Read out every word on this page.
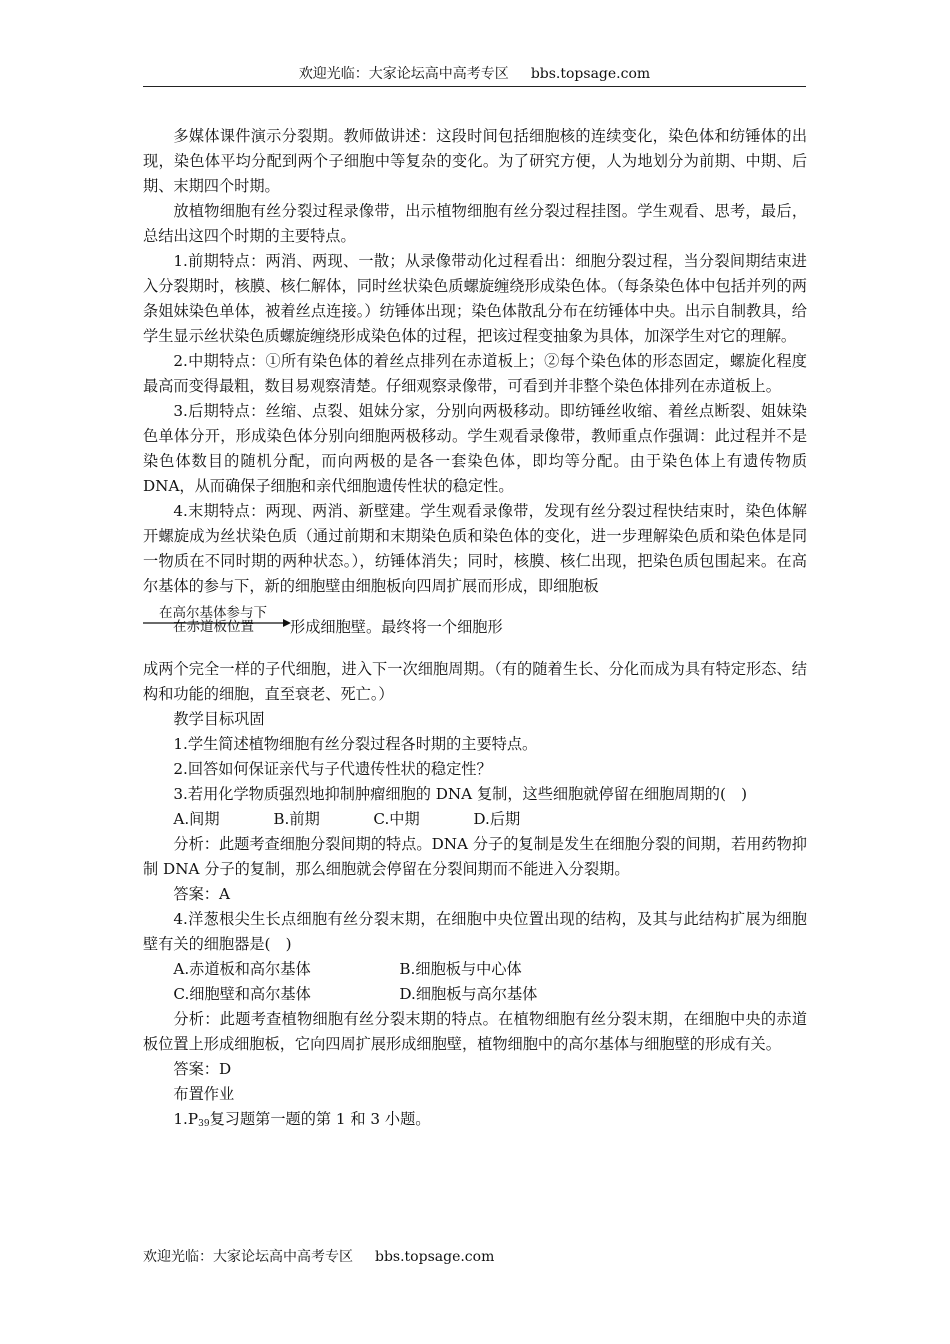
欢迎光临：大家论坛高中高考专区 bbs.topsage.com

多媒体课件演示分裂期。教师做讲述：这段时间包括细胞核的连续变化，染色体和纺锤体的出现，染色体平均分配到两个子细胞中等复杂的变化。为了研究方便，人为地划分为前期、中期、后期、末期四个时期。

放植物细胞有丝分裂过程录像带，出示植物细胞有丝分裂过程挂图。学生观看、思考，最后，总结出这四个时期的主要特点。

1.前期特点：两消、两现、一散；从录像带动化过程看出：细胞分裂过程，当分裂间期结束进入分裂期时，核膜、核仁解体，同时丝状染色质螺旋缠绕形成染色体。（每条染色体中包括并列的两条姐妹染色单体，被着丝点连接。）纺锤体出现；染色体散乱分布在纺锤体中央。出示自制教具，给学生显示丝状染色质螺旋缠绕形成染色体的过程，把该过程变抽象为具体，加深学生对它的理解。

2.中期特点：①所有染色体的着丝点排列在赤道板上；②每个染色体的形态固定，螺旋化程度最高而变得最粗，数目易观察清楚。仔细观察录像带，可看到并非整个染色体排列在赤道板上。

3.后期特点：丝缩、点裂、姐妹分家，分别向两极移动。即纺锤丝收缩、着丝点断裂、姐妹染色单体分开，形成染色体分别向细胞两极移动。学生观看录像带，教师重点作强调：此过程并不是染色体数目的随机分配，而向两极的是各一套染色体，即均等分配。由于染色体上有遗传物质 DNA，从而确保子细胞和亲代细胞遗传性状的稳定性。

4.末期特点：两现、两消、新壁建。学生观看录像带，发现有丝分裂过程快结束时，染色体解开螺旋成为丝状染色质（通过前期和末期染色质和染色体的变化，进一步理解染色质和染色体是同一物质在不同时期的两种状态。），纺锤体消失；同时，核膜、核仁出现，把染色质包围起来。在高尔基体的参与下，新的细胞壁由细胞板向四周扩展而形成，即细胞板

在高尔基体参与下
在赤道板位置 形成细胞壁。最终将一个细胞形

成两个完全一样的子代细胞，进入下一次细胞周期。（有的随着生长、分化而成为具有特定形态、结构和功能的细胞，直至衰老、死亡。）

教学目标巩固

1.学生简述植物细胞有丝分裂过程各时期的主要特点。

2.回答如何保证亲代与子代遗传性状的稳定性？

3.若用化学物质强烈地抑制肿瘤细胞的 DNA 复制，这些细胞就停留在细胞周期的(　)

A.间期	B.前期	C.中期	D.后期

分析：此题考查细胞分裂间期的特点。DNA 分子的复制是发生在细胞分裂的间期，若用药物抑制 DNA 分子的复制，那么细胞就会停留在分裂间期而不能进入分裂期。

答案：A

4.洋葱根尖生长点细胞有丝分裂末期，在细胞中央位置出现的结构，及其与此结构扩展为细胞壁有关的细胞器是(　)

A.赤道板和高尔基体	B.细胞板与中心体

C.细胞壁和高尔基体	D.细胞板与高尔基体

分析：此题考查植物细胞有丝分裂末期的特点。在植物细胞有丝分裂末期，在细胞中央的赤道板位置上形成细胞板，它向四周扩展形成细胞壁，植物细胞中的高尔基体与细胞壁的形成有关。

答案：D

布置作业

$1.P_{39}$复习题第一题的第 1 和 3 小题。

欢迎光临：大家论坛高中高考专区 bbs.topsage.com
